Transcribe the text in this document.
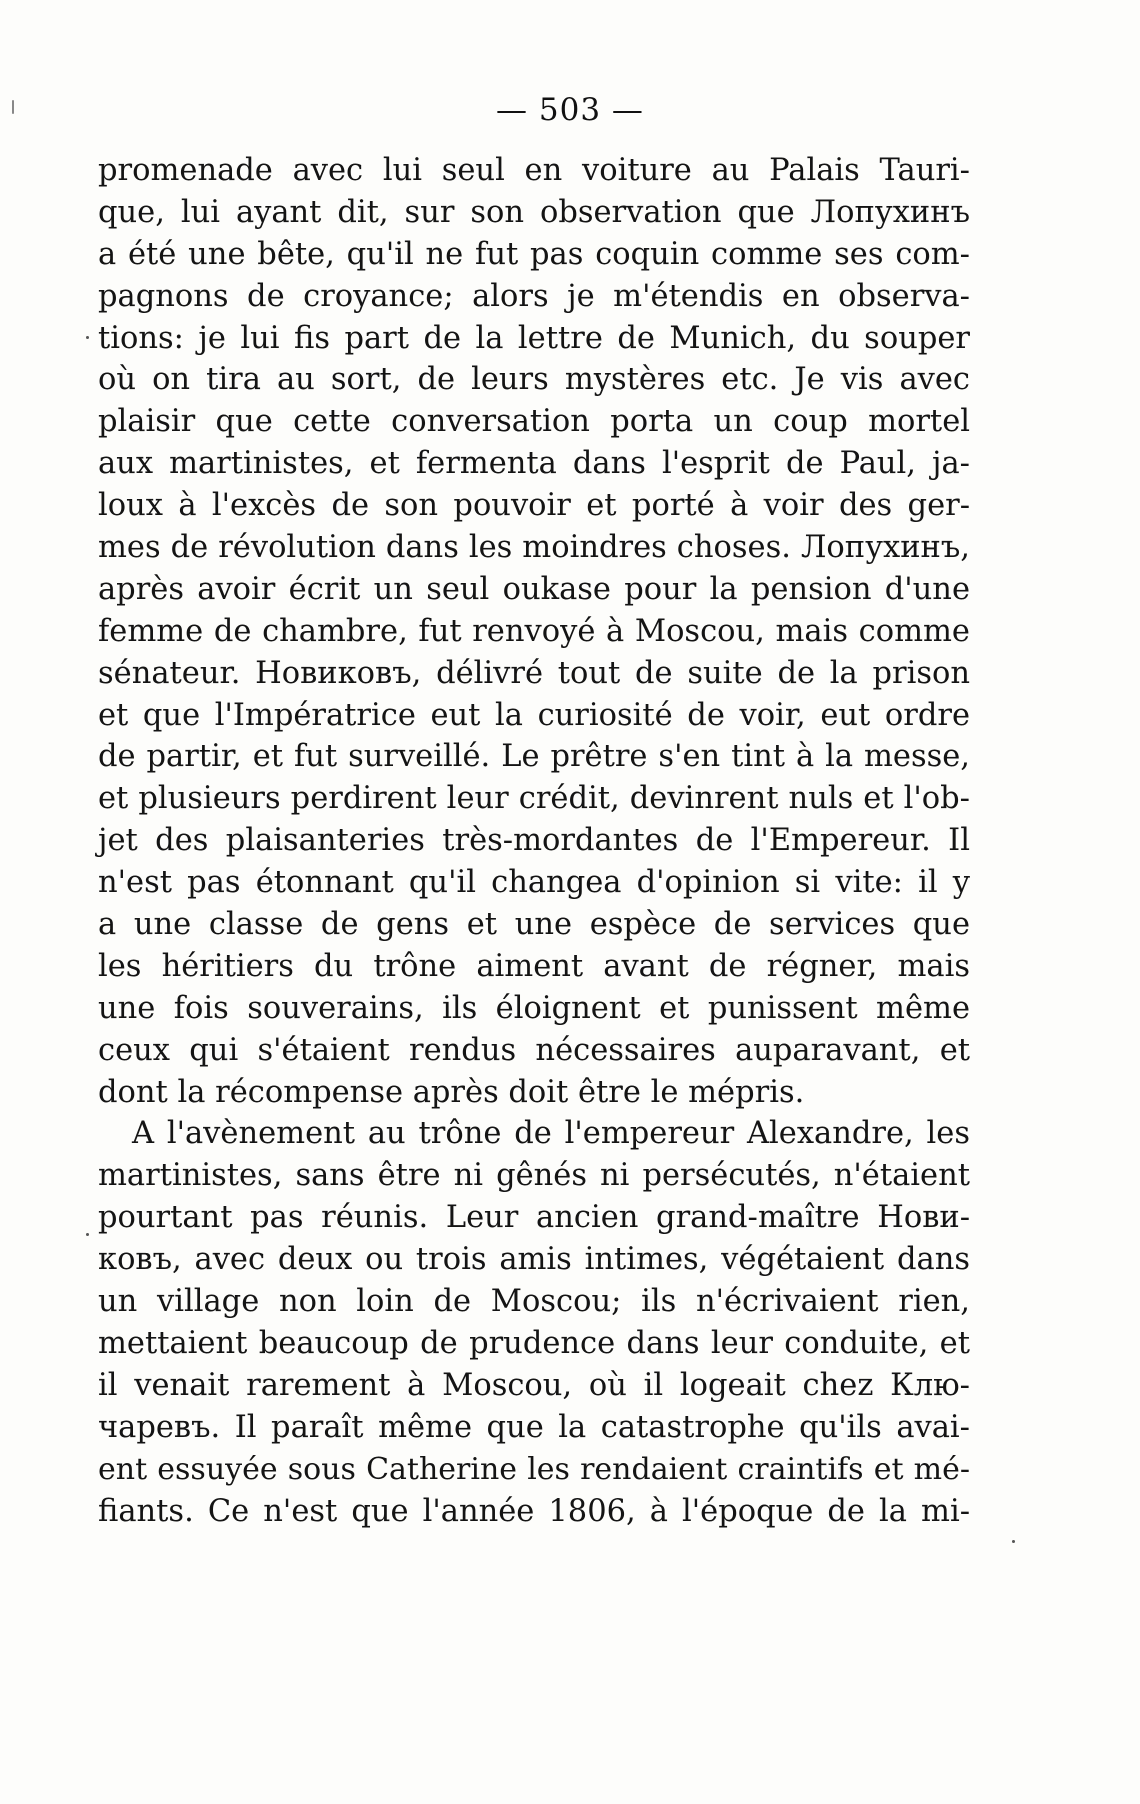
— 503 —
promenade avec lui seul en voiture au Palais Tauri-
que, lui ayant dit, sur son observation que Лопухинъ
a été une bête, qu'il ne fut pas coquin comme ses com-
pagnons de croyance; alors je m'étendis en observa-
tions: je lui fis part de la lettre de Munich, du souper
où on tira au sort, de leurs mystères etc. Je vis avec
plaisir que cette conversation porta un coup mortel
aux martinistes, et fermenta dans l'esprit de Paul, ja-
loux à l'excès de son pouvoir et porté à voir des ger-
mes de révolution dans les moindres choses. Лопухинъ,
après avoir écrit un seul oukase pour la pension d'une
femme de chambre, fut renvoyé à Moscou, mais comme
sénateur. Новиковъ, délivré tout de suite de la prison
et que l'Impératrice eut la curiosité de voir, eut ordre
de partir, et fut surveillé. Le prêtre s'en tint à la messe,
et plusieurs perdirent leur crédit, devinrent nuls et l'ob-
jet des plaisanteries très-mordantes de l'Empereur. Il
n'est pas étonnant qu'il changea d'opinion si vite: il y
a une classe de gens et une espèce de services que
les héritiers du trône aiment avant de régner, mais
une fois souverains, ils éloignent et punissent même
ceux qui s'étaient rendus nécessaires auparavant, et
dont la récompense après doit être le mépris.
A l'avènement au trône de l'empereur Alexandre, les
martinistes, sans être ni gênés ni persécutés, n'étaient
pourtant pas réunis. Leur ancien grand-maître Нови-
ковъ, avec deux ou trois amis intimes, végétaient dans
un village non loin de Moscou; ils n'écrivaient rien,
mettaient beaucoup de prudence dans leur conduite, et
il venait rarement à Moscou, où il logeait chez Клю-
чаревъ. Il paraît même que la catastrophe qu'ils avai-
ent essuyée sous Catherine les rendaient craintifs et mé-
fiants. Ce n'est que l'année 1806, à l'époque de la mi-
